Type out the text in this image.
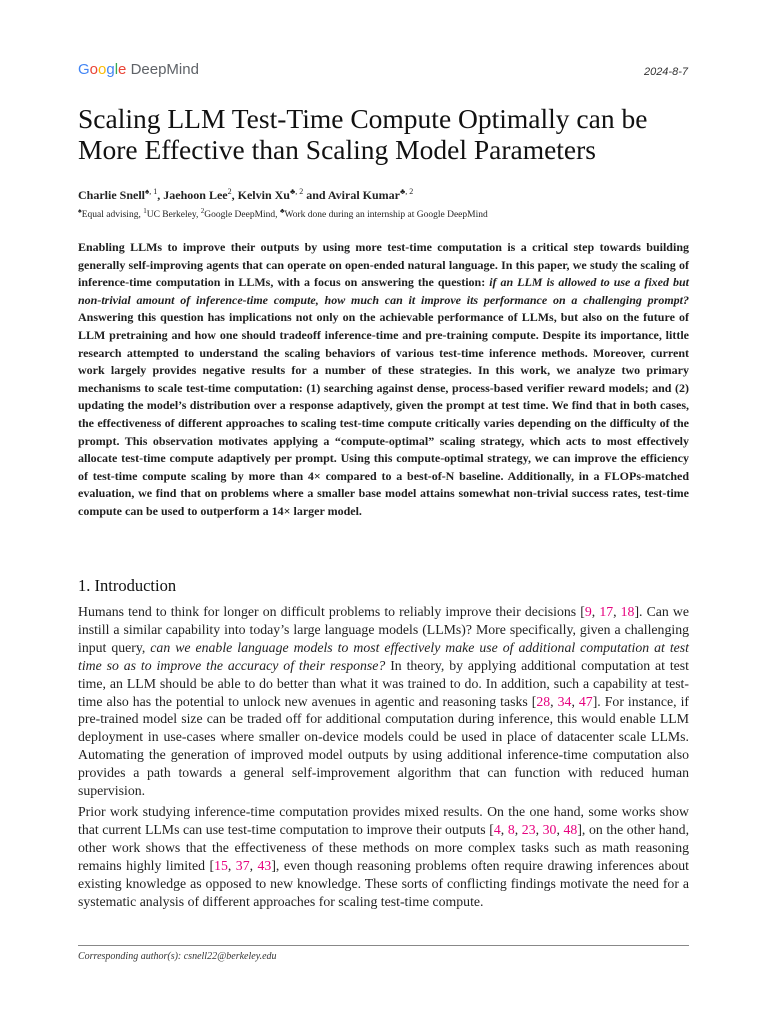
Google DeepMind	2024-8-7
Scaling LLM Test-Time Compute Optimally can be More Effective than Scaling Model Parameters
Charlie Snell$^{♠, 1}$, Jaehoon Lee$^2$, Kelvin $Xu^{♣, 2}$ and Aviral Kumar$^{♣, 2}$
♠Equal advising, $^1$UC Berkeley, $^2$Google DeepMind, ♣Work done during an internship at Google DeepMind

Enabling LLMs to improve their outputs by using more test-time computation is a critical step towards building generally self-improving agents that can operate on open-ended natural language. In this paper, we study the scaling of inference-time computation in LLMs, with a focus on answering the question: if an LLM is allowed to use a fixed but non-trivial amount of inference-time compute, how much can it improve its performance on a challenging prompt? Answering this question has implications not only on the achievable performance of LLMs, but also on the future of LLM pretraining and how one should tradeoff inference-time and pre-training compute. Despite its importance, little research attempted to understand the scaling behaviors of various test-time inference methods. Moreover, current work largely provides negative results for a number of these strategies. In this work, we analyze two primary mechanisms to scale test-time computation: (1) searching against dense, process-based verifier reward models; and (2) updating the model’s distribution over a response adaptively, given the prompt at test time. We find that in both cases, the effectiveness of different approaches to scaling test-time compute critically varies depending on the difficulty of the prompt. This observation motivates applying a “compute-optimal” scaling strategy, which acts to most effectively allocate test-time compute adaptively per prompt. Using this compute-optimal strategy, we can improve the efficiency of test-time compute scaling by more than 4× compared to a best-of-N baseline. Additionally, in a FLOPs-matched evaluation, we find that on problems where a smaller base model attains somewhat non-trivial success rates, test-time compute can be used to outperform a 14× larger model.

1. Introduction

Humans tend to think for longer on difficult problems to reliably improve their decisions [9, 17, 18]. Can we instill a similar capability into today’s large language models (LLMs)? More specifically, given a challenging input query, can we enable language models to most effectively make use of additional computation at test time so as to improve the accuracy of their response? In theory, by applying additional computation at test time, an LLM should be able to do better than what it was trained to do. In addition, such a capability at test-time also has the potential to unlock new avenues in agentic and reasoning tasks [28, 34, 47]. For instance, if pre-trained model size can be traded off for additional computation during inference, this would enable LLM deployment in use-cases where smaller on-device models could be used in place of datacenter scale LLMs. Automating the generation of improved model outputs by using additional inference-time computation also provides a path towards a general self-improvement algorithm that can function with reduced human supervision.

Prior work studying inference-time computation provides mixed results. On the one hand, some works show that current LLMs can use test-time computation to improve their outputs [4, 8, 23, 30, 48], on the other hand, other work shows that the effectiveness of these methods on more complex tasks such as math reasoning remains highly limited [15, 37, 43], even though reasoning problems often require drawing inferences about existing knowledge as opposed to new knowledge. These sorts of conflicting findings motivate the need for a systematic analysis of different approaches for scaling test-time compute.

Corresponding author(s): csnell22@berkeley.edu
